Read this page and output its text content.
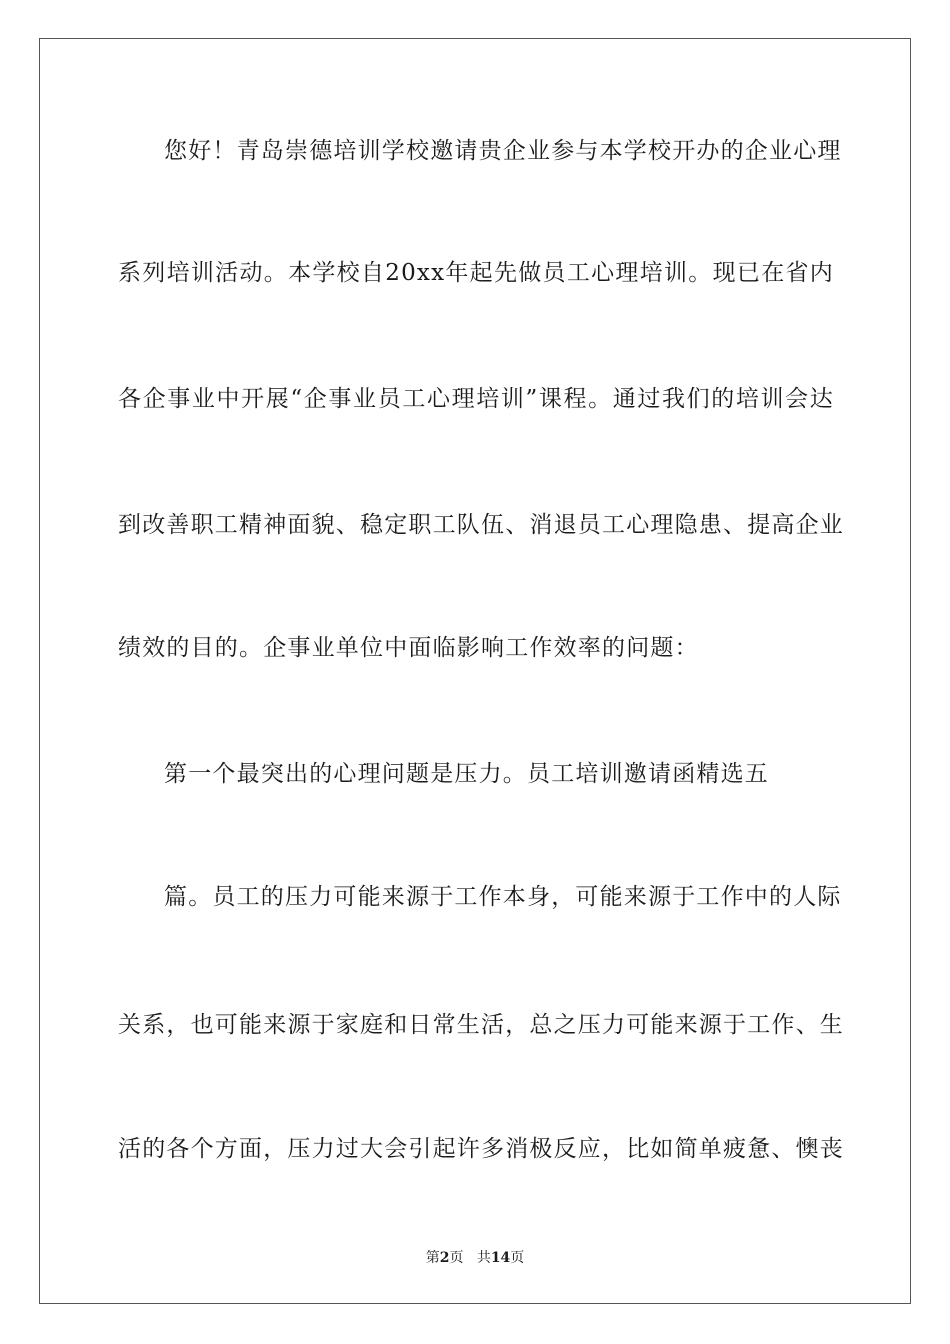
您好！青岛崇德培训学校邀请贵企业参与本学校开办的企业心理
系列培训活动。本学校自20xx年起先做员工心理培训。现已在省内
各企事业中开展“企事业员工心理培训”课程。通过我们的培训会达
到改善职工精神面貌、稳定职工队伍、消退员工心理隐患、提高企业
绩效的目的。企事业单位中面临影响工作效率的问题：
第一个最突出的心理问题是压力。员工培训邀请函精选五
篇。员工的压力可能来源于工作本身，可能来源于工作中的人际
关系，也可能来源于家庭和日常生活，总之压力可能来源于工作、生
活的各个方面，压力过大会引起许多消极反应，比如简单疲惫、懊丧
第2页 共14页
